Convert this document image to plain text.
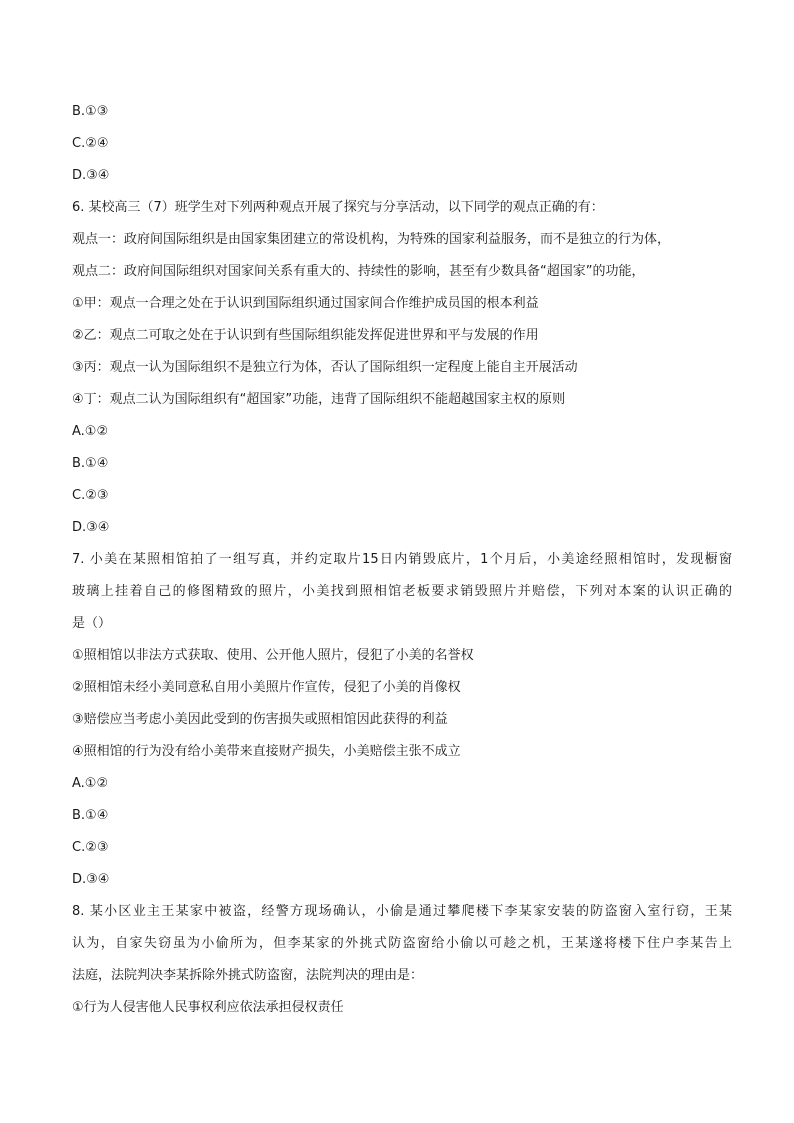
B.①③
C.②④
D.③④
6. 某校高三（7）班学生对下列两种观点开展了探究与分享活动，以下同学的观点正确的有：
观点一：政府间国际组织是由国家集团建立的常设机构，为特殊的国家利益服务，而不是独立的行为体，
观点二：政府间国际组织对国家间关系有重大的、持续性的影响，甚至有少数具备“超国家”的功能，
①甲：观点一合理之处在于认识到国际组织通过国家间合作维护成员国的根本利益
②乙：观点二可取之处在于认识到有些国际组织能发挥促进世界和平与发展的作用
③丙：观点一认为国际组织不是独立行为体，否认了国际组织一定程度上能自主开展活动
④丁：观点二认为国际组织有“超国家”功能，违背了国际组织不能超越国家主权的原则
A.①②
B.①④
C.②③
D.③④
7. 小美在某照相馆拍了一组写真，并约定取片15日内销毁底片，1个月后，小美途经照相馆时，发现橱窗
玻璃上挂着自己的修图精致的照片，小美找到照相馆老板要求销毁照片并赔偿，下列对本案的认识正确的
是（）
①照相馆以非法方式获取、使用、公开他人照片，侵犯了小美的名誉权
②照相馆未经小美同意私自用小美照片作宣传，侵犯了小美的肖像权
③赔偿应当考虑小美因此受到的伤害损失或照相馆因此获得的利益
④照相馆的行为没有给小美带来直接财产损失，小美赔偿主张不成立
A.①②
B.①④
C.②③
D.③④
8. 某小区业主王某家中被盗，经警方现场确认，小偷是通过攀爬楼下李某家安装的防盗窗入室行窃，王某
认为，自家失窃虽为小偷所为，但李某家的外挑式防盗窗给小偷以可趁之机，王某遂将楼下住户李某告上
法庭，法院判决李某拆除外挑式防盗窗，法院判决的理由是：
①行为人侵害他人民事权利应依法承担侵权责任
